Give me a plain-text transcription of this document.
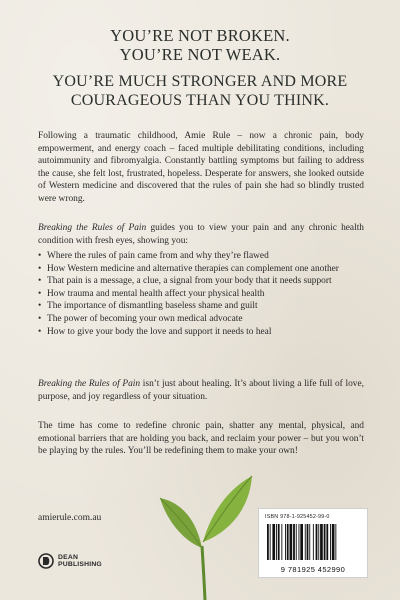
YOU’RE NOT BROKEN.
YOU’RE NOT WEAK.
YOU’RE MUCH STRONGER AND MORE
COURAGEOUS THAN YOU THINK.

Following a traumatic childhood, Amie Rule – now a chronic pain, body empowerment, and energy coach – faced multiple debilitating conditions, including autoimmunity and fibromyalgia. Constantly battling symptoms but failing to address the cause, she felt lost, frustrated, hopeless. Desperate for answers, she looked outside of Western medicine and discovered that the rules of pain she had so blindly trusted were wrong.

Breaking the Rules of Pain guides you to view your pain and any chronic health condition with fresh eyes, showing you:

• Where the rules of pain came from and why they’re flawed
• How Western medicine and alternative therapies can complement one another
• That pain is a message, a clue, a signal from your body that it needs support
• How trauma and mental health affect your physical health
• The importance of dismantling baseless shame and guilt
• The power of becoming your own medical advocate
• How to give your body the love and support it needs to heal

Breaking the Rules of Pain isn’t just about healing. It’s about living a life full of love, purpose, and joy regardless of your situation.

The time has come to redefine chronic pain, shatter any mental, physical, and emotional barriers that are holding you back, and reclaim your power – but you won’t be playing by the rules. You’ll be redefining them to make your own!

amierule.com.au
DEAN
PUBLISHING
ISBN 978-1-925452-99-0
9 781925 452990
